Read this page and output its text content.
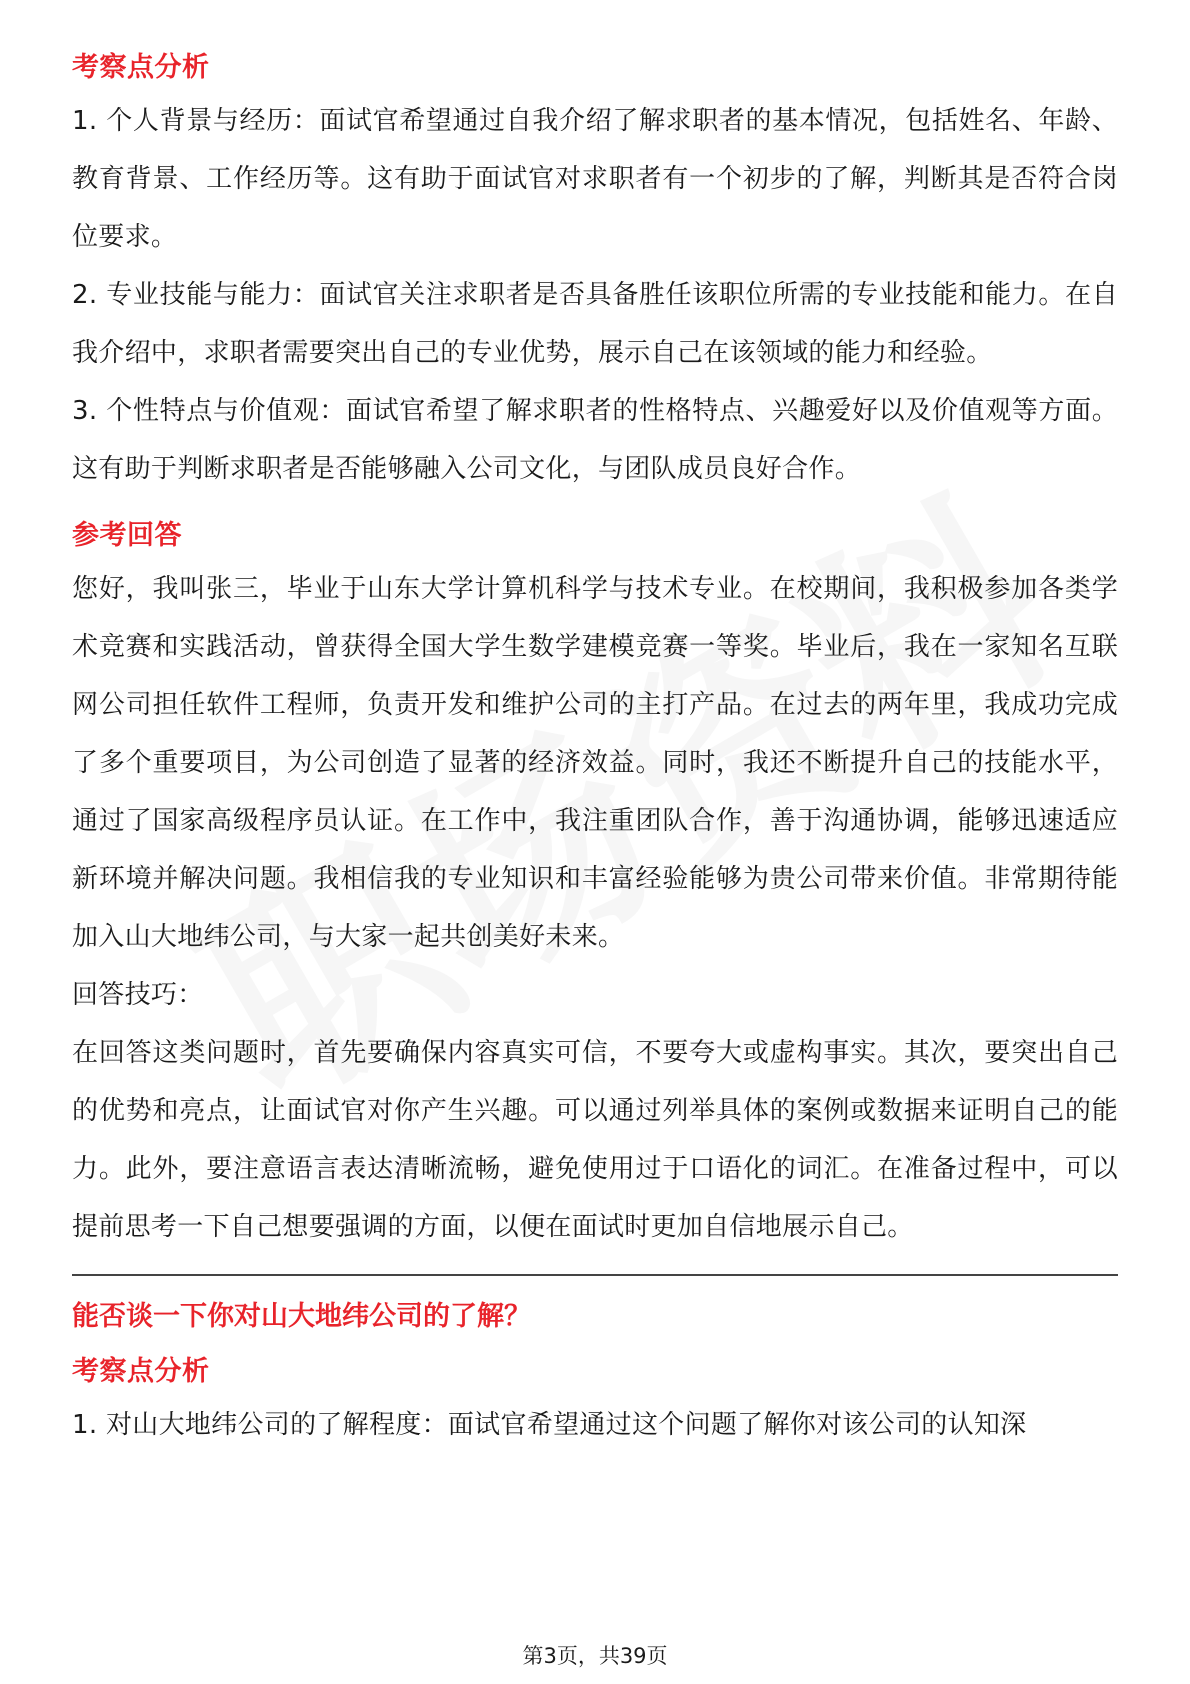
考察点分析

1. 个人背景与经历：面试官希望通过自我介绍了解求职者的基本情况，包括姓名、年龄、教育背景、工作经历等。这有助于面试官对求职者有一个初步的了解，判断其是否符合岗位要求。

2. 专业技能与能力：面试官关注求职者是否具备胜任该职位所需的专业技能和能力。在自我介绍中，求职者需要突出自己的专业优势，展示自己在该领域的能力和经验。

3. 个性特点与价值观：面试官希望了解求职者的性格特点、兴趣爱好以及价值观等方面。这有助于判断求职者是否能够融入公司文化，与团队成员良好合作。

参考回答

您好，我叫张三，毕业于山东大学计算机科学与技术专业。在校期间，我积极参加各类学术竞赛和实践活动，曾获得全国大学生数学建模竞赛一等奖。毕业后，我在一家知名互联网公司担任软件工程师，负责开发和维护公司的主打产品。在过去的两年里，我成功完成了多个重要项目，为公司创造了显著的经济效益。同时，我还不断提升自己的技能水平，通过了国家高级程序员认证。在工作中，我注重团队合作，善于沟通协调，能够迅速适应新环境并解决问题。我相信我的专业知识和丰富经验能够为贵公司带来价值。非常期待能加入山大地纬公司，与大家一起共创美好未来。

回答技巧：

在回答这类问题时，首先要确保内容真实可信，不要夸大或虚构事实。其次，要突出自己的优势和亮点，让面试官对你产生兴趣。可以通过列举具体的案例或数据来证明自己的能力。此外，要注意语言表达清晰流畅，避免使用过于口语化的词汇。在准备过程中，可以提前思考一下自己想要强调的方面，以便在面试时更加自信地展示自己。

能否谈一下你对山大地纬公司的了解？
考察点分析

1. 对山大地纬公司的了解程度：面试官希望通过这个问题了解你对该公司的认知深

第3页，共39页
